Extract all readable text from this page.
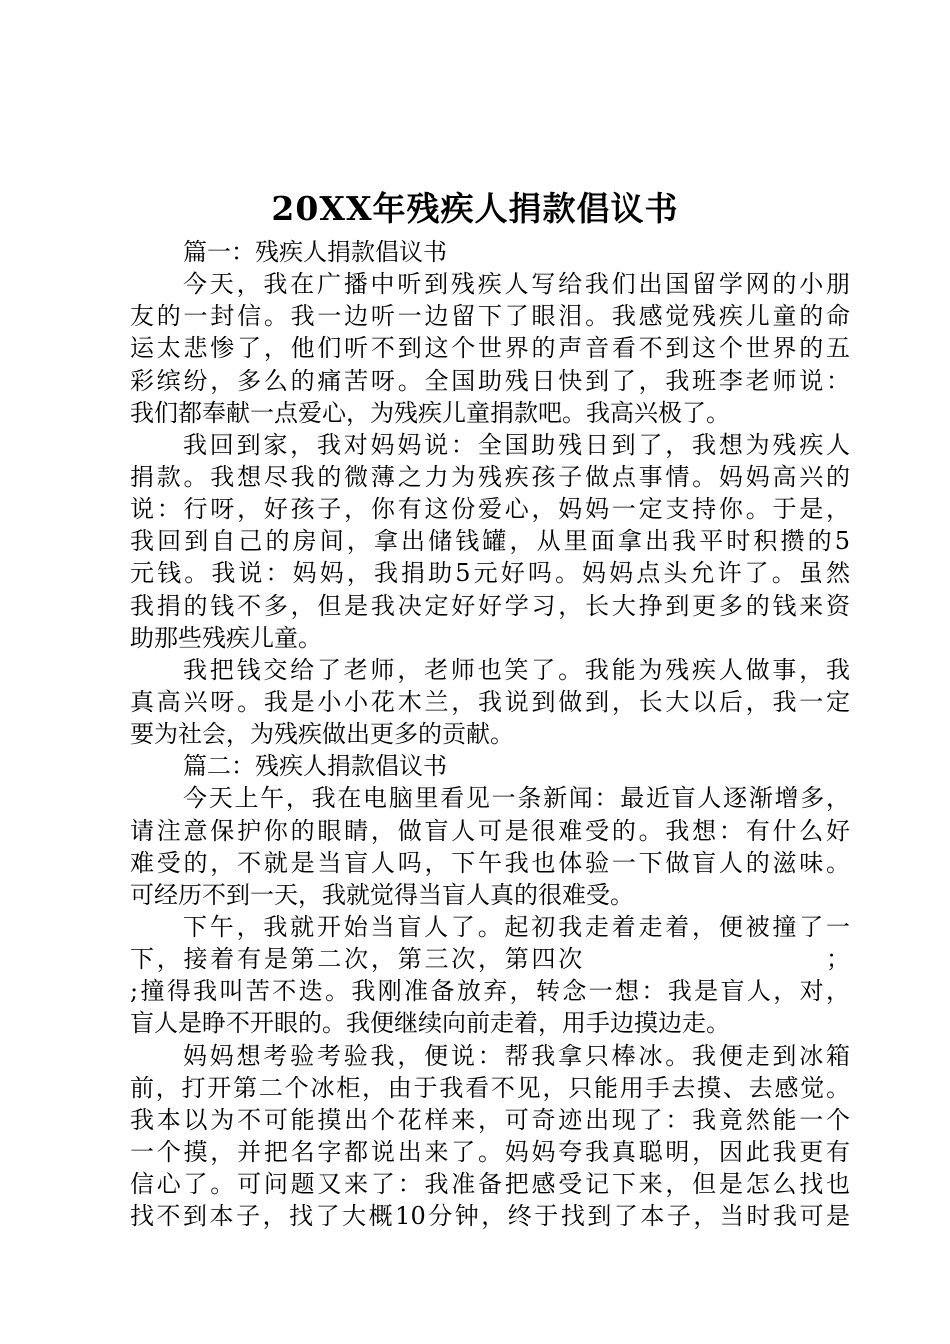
20XX年残疾人捐款倡议书
篇一：残疾人捐款倡议书
今天，我在广播中听到残疾人写给我们出国留学网的小朋
友的一封信。我一边听一边留下了眼泪。我感觉残疾儿童的命
运太悲惨了，他们听不到这个世界的声音看不到这个世界的五
彩缤纷，多么的痛苦呀。全国助残日快到了，我班李老师说：
我们都奉献一点爱心，为残疾儿童捐款吧。我高兴极了。
我回到家，我对妈妈说：全国助残日到了，我想为残疾人
捐款。我想尽我的微薄之力为残疾孩子做点事情。妈妈高兴的
说：行呀，好孩子，你有这份爱心，妈妈一定支持你。于是，
我回到自己的房间，拿出储钱罐，从里面拿出我平时积攒的5
元钱。我说：妈妈，我捐助5元好吗。妈妈点头允许了。虽然
我捐的钱不多，但是我决定好好学习，长大挣到更多的钱来资
助那些残疾儿童。
我把钱交给了老师，老师也笑了。我能为残疾人做事，我
真高兴呀。我是小小花木兰，我说到做到，长大以后，我一定
要为社会，为残疾做出更多的贡献。
篇二：残疾人捐款倡议书
今天上午，我在电脑里看见一条新闻：最近盲人逐渐增多，
请注意保护你的眼睛，做盲人可是很难受的。我想：有什么好
难受的，不就是当盲人吗，下午我也体验一下做盲人的滋味。
可经历不到一天，我就觉得当盲人真的很难受。
下午，我就开始当盲人了。起初我走着走着，便被撞了一
下，接着有是第二次，第三次，第四次　　　　　　　　　；
;撞得我叫苦不迭。我刚准备放弃，转念一想：我是盲人，对，
盲人是睁不开眼的。我便继续向前走着，用手边摸边走。
妈妈想考验考验我，便说：帮我拿只棒冰。我便走到冰箱
前，打开第二个冰柜，由于我看不见，只能用手去摸、去感觉。
我本以为不可能摸出个花样来，可奇迹出现了：我竟然能一个
一个摸，并把名字都说出来了。妈妈夸我真聪明，因此我更有
信心了。可问题又来了：我准备把感受记下来，但是怎么找也
找不到本子，找了大概10分钟，终于找到了本子，当时我可是
